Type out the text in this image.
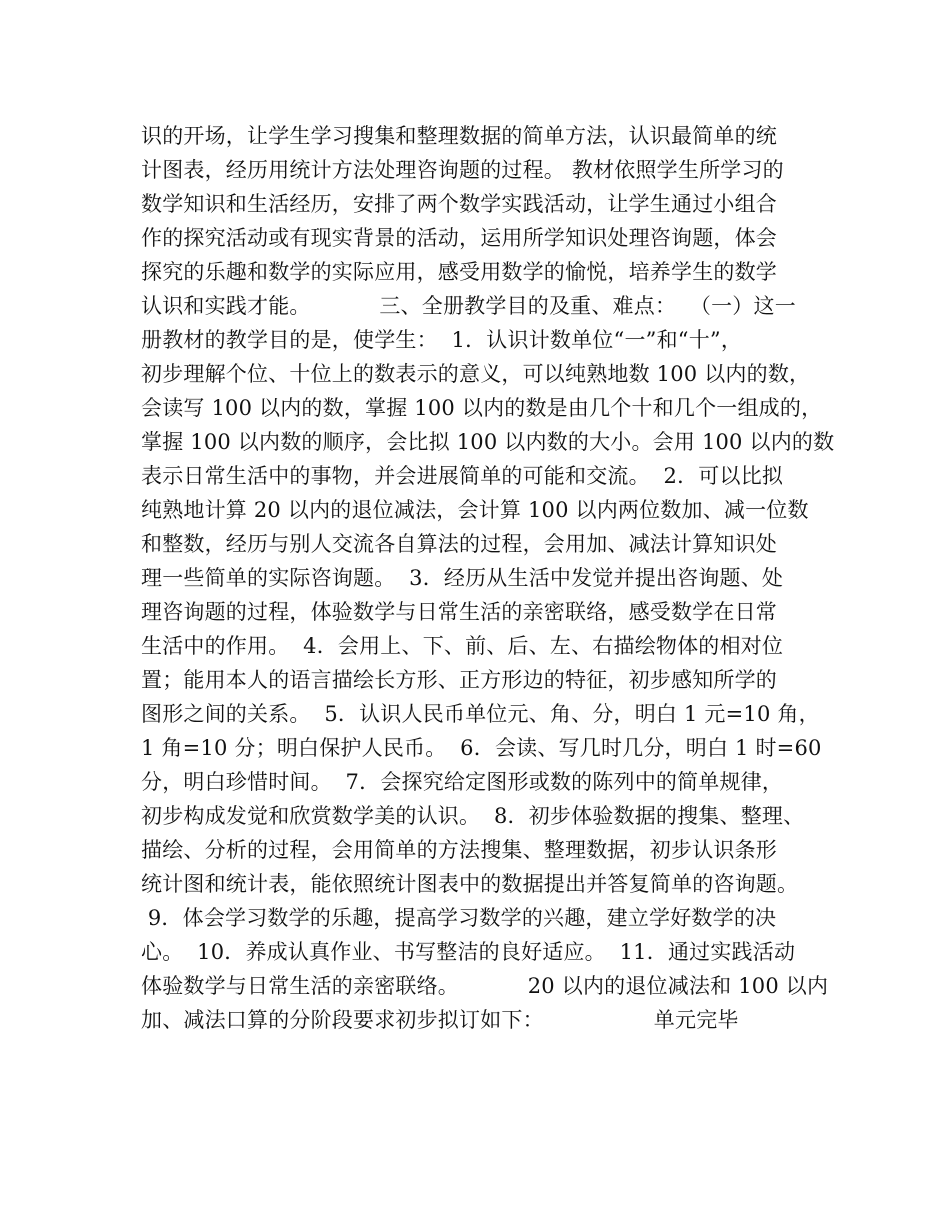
识的开场，让学生学习搜集和整理数据的简单方法，认识最简单的统
计图表，经历用统计方法处理咨询题的过程。 教材依照学生所学习的
数学知识和生活经历，安排了两个数学实践活动，让学生通过小组合
作的探究活动或有现实背景的活动，运用所学知识处理咨询题，体会
探究的乐趣和数学的实际应用，感受用数学的愉悦，培养学生的数学
认识和实践才能。          三、全册教学目的及重、难点：  （一）这一
册教材的教学目的是，使学生：  1．认识计数单位“一”和“十”，
初步理解个位、十位上的数表示的意义，可以纯熟地数 100 以内的数，
会读写 100 以内的数，掌握 100 以内的数是由几个十和几个一组成的，
掌握 100 以内数的顺序，会比拟 100 以内数的大小。会用 100 以内的数
表示日常生活中的事物，并会进展简单的可能和交流。  2．可以比拟
纯熟地计算 20 以内的退位减法，会计算 100 以内两位数加、减一位数
和整数，经历与别人交流各自算法的过程，会用加、减法计算知识处
理一些简单的实际咨询题。  3．经历从生活中发觉并提出咨询题、处
理咨询题的过程，体验数学与日常生活的亲密联络，感受数学在日常
生活中的作用。  4．会用上、下、前、后、左、右描绘物体的相对位
置；能用本人的语言描绘长方形、正方形边的特征，初步感知所学的
图形之间的关系。  5．认识人民币单位元、角、分，明白 1 元=10 角，
1 角=10 分；明白保护人民币。  6．会读、写几时几分，明白 1 时=60
分，明白珍惜时间。  7．会探究给定图形或数的陈列中的简单规律，
初步构成发觉和欣赏数学美的认识。  8．初步体验数据的搜集、整理、
描绘、分析的过程，会用简单的方法搜集、整理数据，初步认识条形
统计图和统计表，能依照统计图表中的数据提出并答复简单的咨询题。
9．体会学习数学的乐趣，提高学习数学的兴趣，建立学好数学的决
心。  10．养成认真作业、书写整洁的良好适应。  11．通过实践活动
体验数学与日常生活的亲密联络。          20 以内的退位减法和 100 以内
加、减法口算的分阶段要求初步拟订如下：                单元完毕
